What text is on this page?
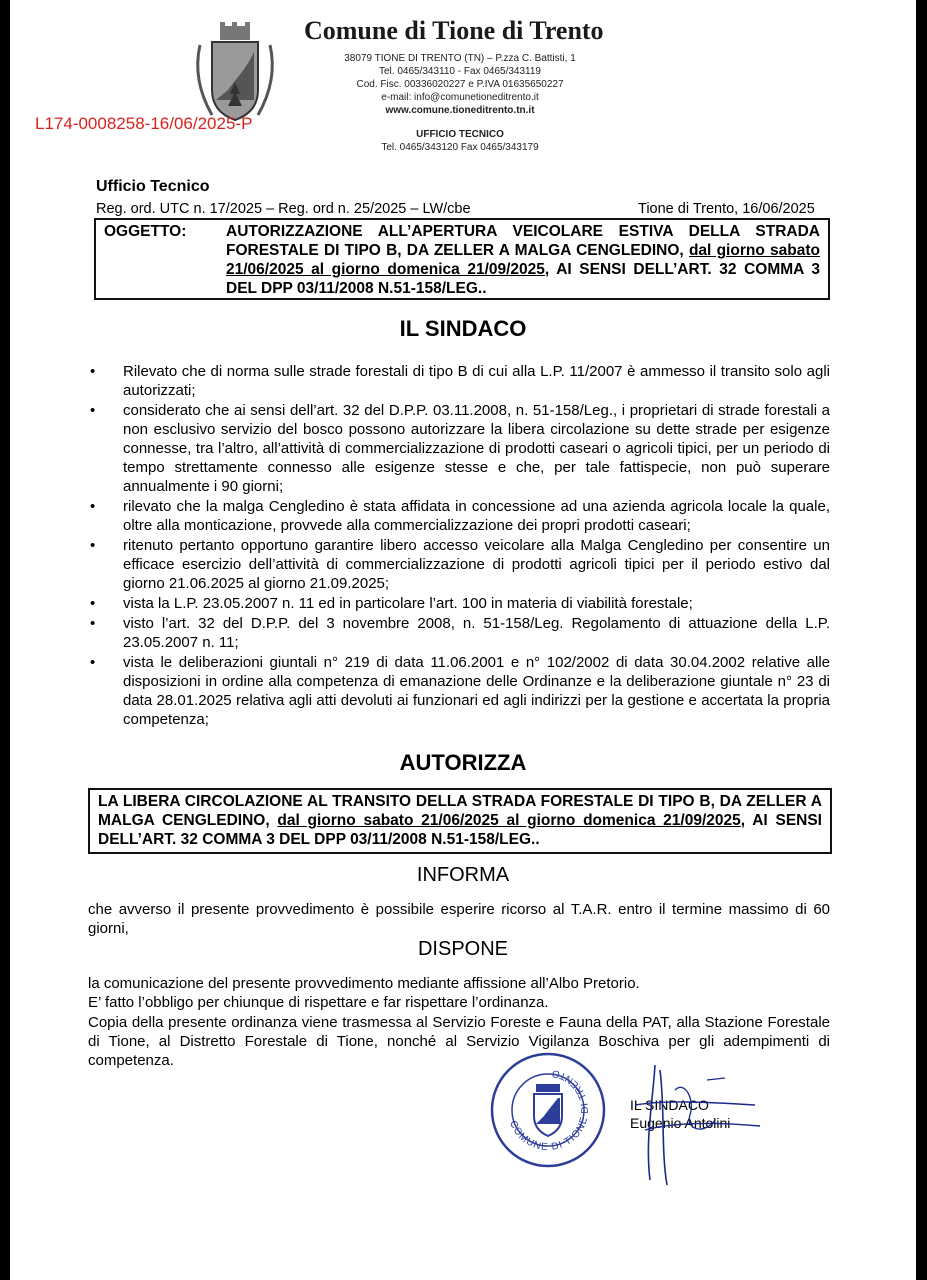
Comune di Tione di Trento
38079 TIONE DI TRENTO (TN) – P.zza C. Battisti, 1
Tel. 0465/343110 - Fax 0465/343119
Cod. Fisc. 00336020227 e P.IVA 01635650227
e-mail: info@comunetioneditrento.it
www.comune.tioneditrento.tn.it
UFFICIO TECNICO
Tel. 0465/343120 Fax 0465/343179
L174-0008258-16/06/2025-P
Ufficio Tecnico
Reg. ord. UTC n. 17/2025 – Reg. ord n. 25/2025 – LW/cbe	Tione di Trento, 16/06/2025
OGGETTO:	AUTORIZZAZIONE ALL’APERTURA VEICOLARE ESTIVA DELLA STRADA FORESTALE DI TIPO B, DA ZELLER A MALGA CENGLEDINO, dal giorno sabato 21/06/2025 al giorno domenica 21/09/2025, AI SENSI DELL’ART. 32 COMMA 3 DEL DPP 03/11/2008 N.51-158/LEG..
IL SINDACO
• Rilevato che di norma sulle strade forestali di tipo B di cui alla L.P. 11/2007 è ammesso il transito solo agli autorizzati;
• considerato che ai sensi dell’art. 32 del D.P.P. 03.11.2008, n. 51-158/Leg., i proprietari di strade forestali a non esclusivo servizio del bosco possono autorizzare la libera circolazione su dette strade per esigenze connesse, tra l’altro, all’attività di commercializzazione di prodotti caseari o agricoli tipici, per un periodo di tempo strettamente connesso alle esigenze stesse e che, per tale fattispecie, non può superare annualmente i 90 giorni;
• rilevato che la malga Cengledino è stata affidata in concessione ad una azienda agricola locale la quale, oltre alla monticazione, provvede alla commercializzazione dei propri prodotti caseari;
• ritenuto pertanto opportuno garantire libero accesso veicolare alla Malga Cengledino per consentire un efficace esercizio dell’attività di commercializzazione di prodotti agricoli tipici per il periodo estivo dal giorno 21.06.2025 al giorno 21.09.2025;
• vista la L.P. 23.05.2007 n. 11 ed in particolare l’art. 100 in materia di viabilità forestale;
• visto l’art. 32 del D.P.P. del 3 novembre 2008, n. 51-158/Leg. Regolamento di attuazione della L.P. 23.05.2007 n. 11;
• vista le deliberazioni giuntali n° 219 di data 11.06.2001 e n° 102/2002 di data 30.04.2002 relative alle disposizioni in ordine alla competenza di emanazione delle Ordinanze e la deliberazione giuntale n° 23 di data 28.01.2025 relativa agli atti devoluti ai funzionari ed agli indirizzi per la gestione e accertata la propria competenza;
AUTORIZZA
LA LIBERA CIRCOLAZIONE AL TRANSITO DELLA STRADA FORESTALE DI TIPO B, DA ZELLER A MALGA CENGLEDINO, dal giorno sabato 21/06/2025 al giorno domenica 21/09/2025, AI SENSI DELL’ART. 32 COMMA 3 DEL DPP 03/11/2008 N.51-158/LEG..
INFORMA
che avverso il presente provvedimento è possibile esperire ricorso al T.A.R. entro il termine massimo di 60 giorni,
DISPONE
la comunicazione del presente provvedimento mediante affissione all’Albo Pretorio.
E’ fatto l’obbligo per chiunque di rispettare e far rispettare l’ordinanza.
Copia della presente ordinanza viene trasmessa al Servizio Foreste e Fauna della PAT, alla Stazione Forestale di Tione, al Distretto Forestale di Tione, nonché al Servizio Vigilanza Boschiva per gli adempimenti di competenza.
COMUNE DI TIONE DI TRENTO
IL SINDACO
Eugenio Antolini
